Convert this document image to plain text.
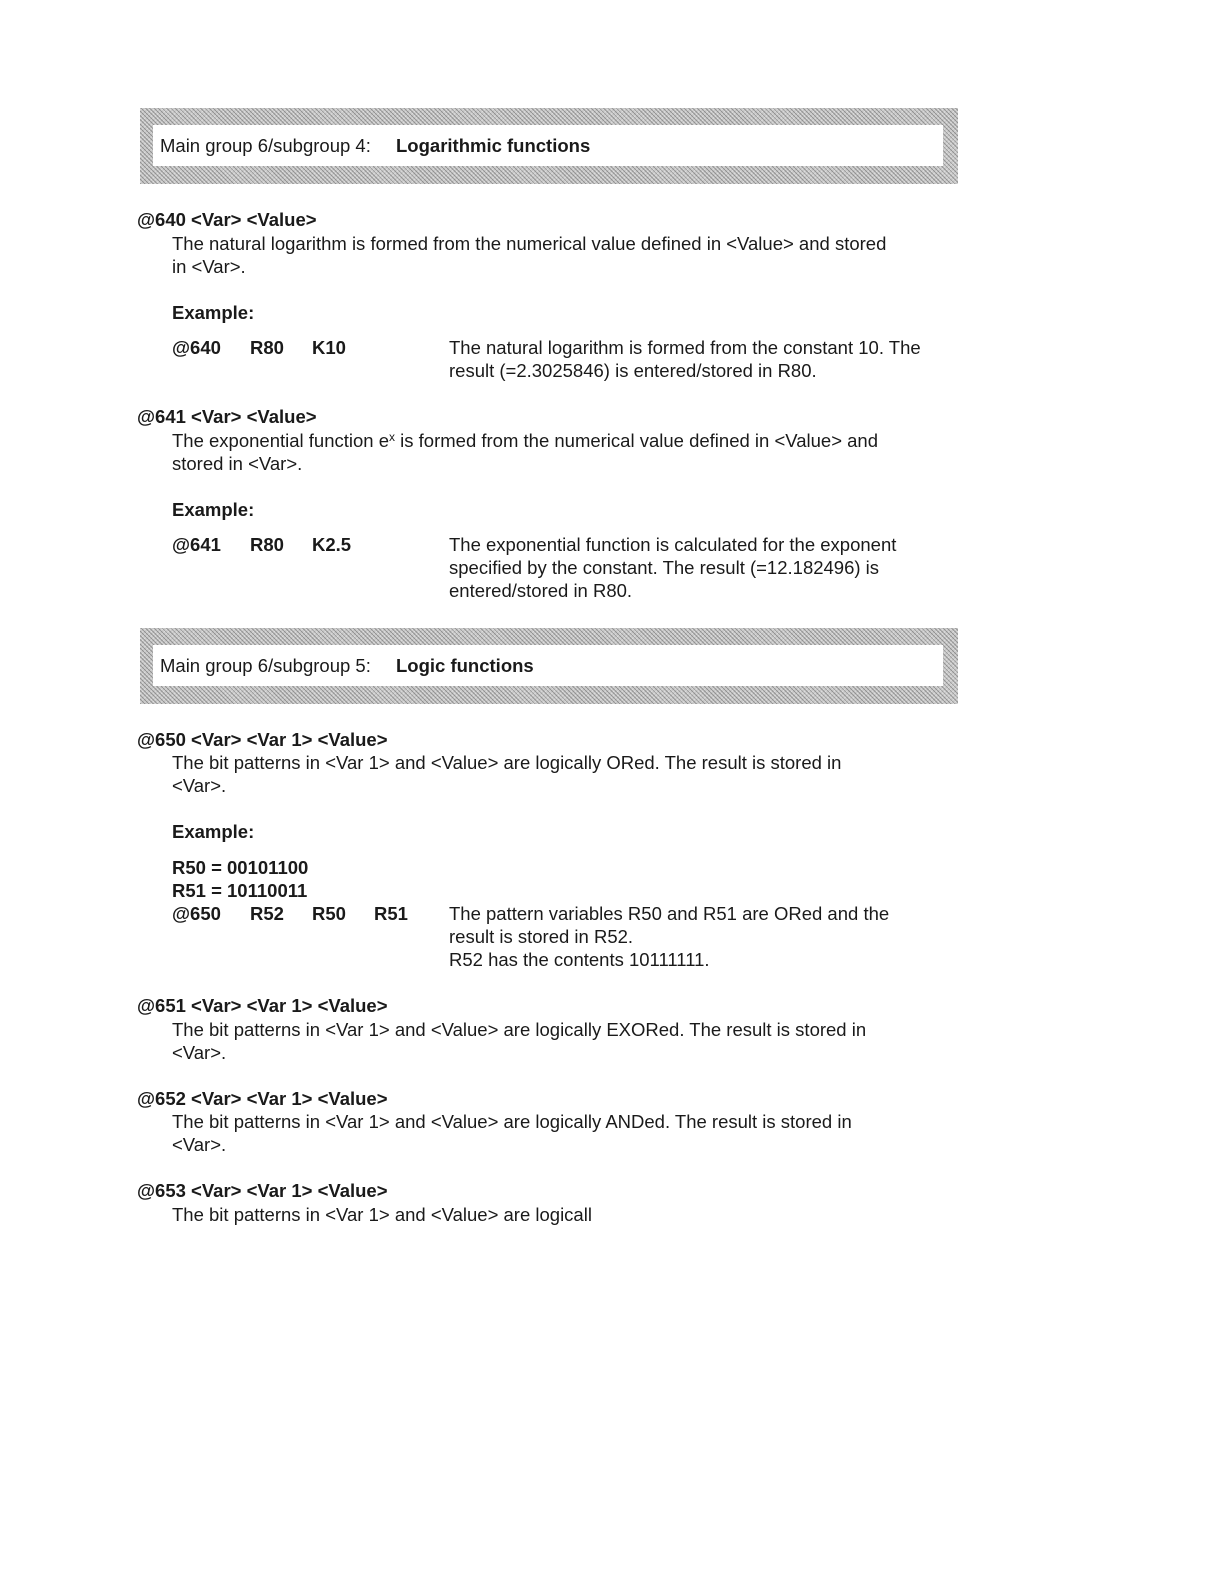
Main group 6/subgroup 4:	Logarithmic functions
@640 <Var> <Value>
The natural logarithm is formed from the numerical value defined in <Value> and stored
in <Var>.
Example:
@640 R80 K10	The natural logarithm is formed from the constant 10. The
result (=2.3025846) is entered/stored in R80.
@641 <Var> <Value>
The exponential function $e^x$ is formed from the numerical value defined in <Value> and
stored in <Var>.
Example:
@641 R80 K2.5	The exponential function is calculated for the exponent
specified by the constant. The result (=12.182496) is
entered/stored in R80.
Main group 6/subgroup 5:	Logic functions
@650 <Var> <Var 1> <Value>
The bit patterns in <Var 1> and <Value> are logically ORed. The result is stored in
<Var>.
Example:
R50 = 00101100
R51 = 10110011
@650 R52 R50 R51	The pattern variables R50 and R51 are ORed and the
result is stored in R52.
R52 has the contents 10111111.
@651 <Var> <Var 1> <Value>
The bit patterns in <Var 1> and <Value> are logically EXORed. The result is stored in
<Var>.
@652 <Var> <Var 1> <Value>
The bit patterns in <Var 1> and <Value> are logically ANDed. The result is stored in
<Var>.
@653 <Var> <Var 1> <Value>
The bit patterns in <Var 1> and <Value> are logicall
